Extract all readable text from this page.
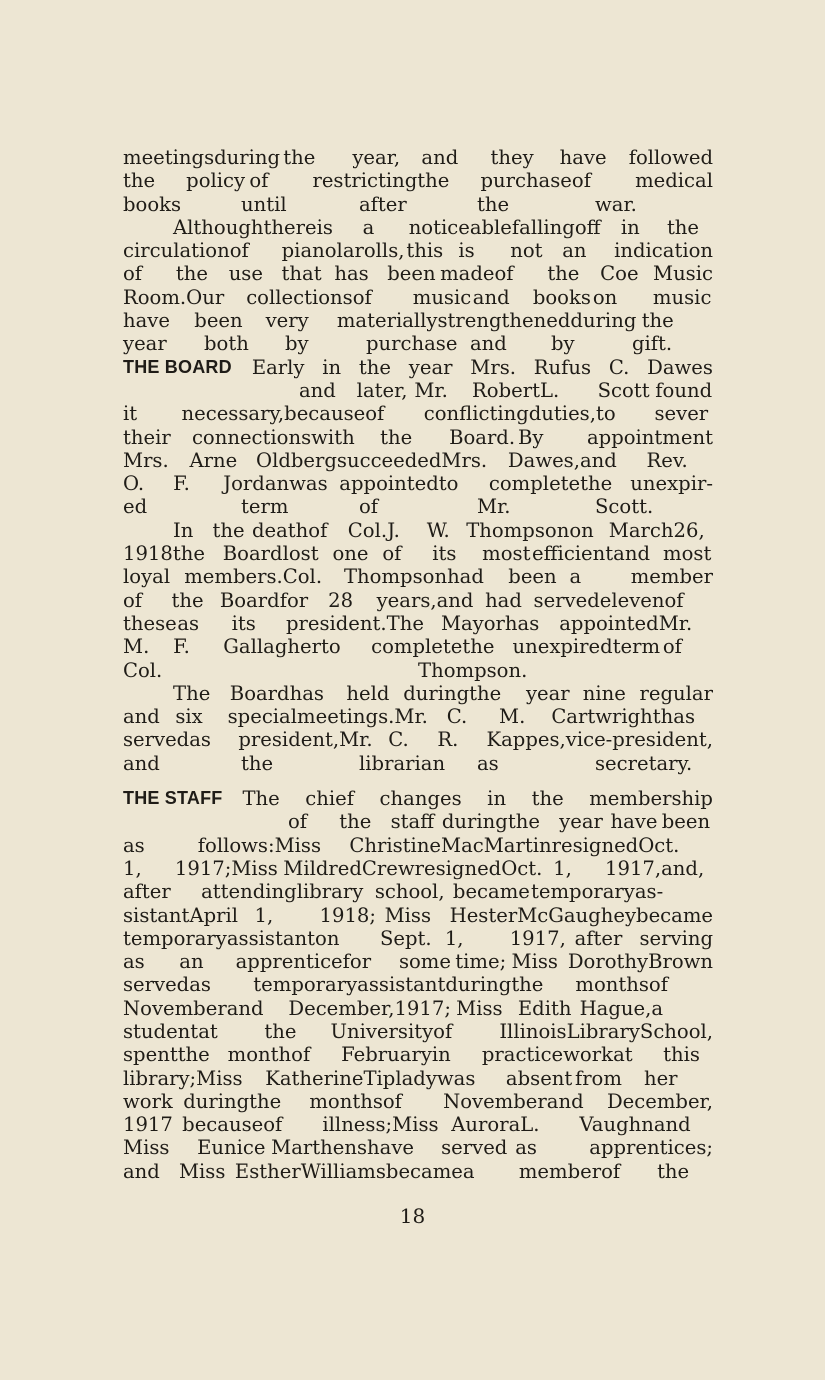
meetings during the year, and they have followed
the policy of restricting the purchase of medical
books	until	after	the	war.
Although there is a noticeable falling off in the
circulation of pianola rolls, this is not an indication
of the use that has been made of the Coe Music
Room. Our collections of music and books on music
have been very materially strengthened during the
year both by	purchase and by	gift.
THE BOARD Early in the year Mrs. Rufus C. Dawes
and later, Mr. Robert L. Scott found
it necessary, because of conflicting duties, to sever
their connections with the Board. By appointment
Mrs. Arne Oldberg succeeded Mrs. Dawes, and Rev.
O. F. Jordan was appointed to complete the unexpir-
ed	term	of	Mr.	Scott.
In the death of Col. J. W. Thompson on March 26,
1918 the Board lost one of its most efficient and most
loyal members. Col. Thompson had been a	member
of the Board for 28 years, and had served eleven of
these as its president. The Mayor has appointed Mr.
M. F. Gallagher to complete the unexpired term of
Col.	Thompson.
The Board has held during the year nine regular
and six special meetings. Mr. C. M. Cartwright has
served as president, Mr. C. R. Kappes, vice-president,
and	the	librarian as	secretary.
THE STAFF The chief changes in the membership
of the staff during the year have been
as	follows: Miss Christine MacMartin resigned Oct.
1, 1917; Miss Mildred Crew resigned Oct. 1, 1917, and,
after attending library school, became temporary as-
sistant April 1, 1918; Miss Hester McGaughey became
temporary assistant on Sept. 1, 1917, after serving
as an apprentice for some time; Miss Dorothy Brown
served as temporary assistant during the months of
November and December, 1917; Miss Edith Hague, a
student at the University of Illinois Library School,
spent the month of February in practice work at this
library; Miss Katherine Tiplady was absent from her
work during the months of November and December,
1917 because of illness; Miss Aurora L. Vaughn and
Miss Eunice Marthens have served as	apprentices;
and Miss Esther Williams became a member of the
18
